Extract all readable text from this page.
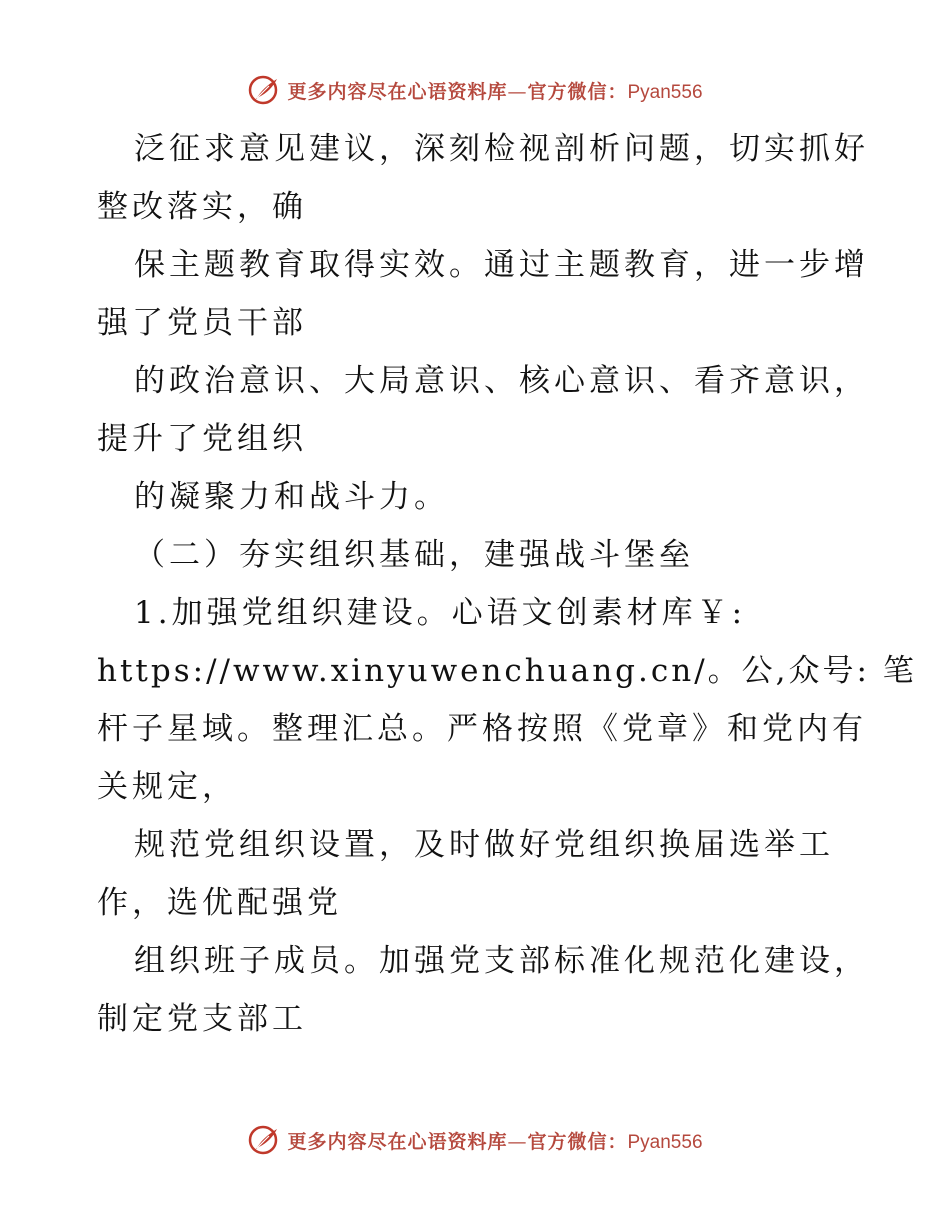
更多内容尽在心语资料库—官方微信：Pyan556
泛征求意见建议，深刻检视剖析问题，切实抓好
整改落实，确
保主题教育取得实效。通过主题教育，进一步增
强了党员干部
的政治意识、大局意识、核心意识、看齐意识，
提升了党组织
的凝聚力和战斗力。
（二）夯实组织基础，建强战斗堡垒
1.加强党组织建设。心语文创素材库￥:
https://www.xinyuwenchuang.cn/。公,众号: 笔
杆子星域。整理汇总。严格按照《党章》和党内有
关规定，
规范党组织设置，及时做好党组织换届选举工
作，选优配强党
组织班子成员。加强党支部标准化规范化建设，
制定党支部工
更多内容尽在心语资料库—官方微信：Pyan556
